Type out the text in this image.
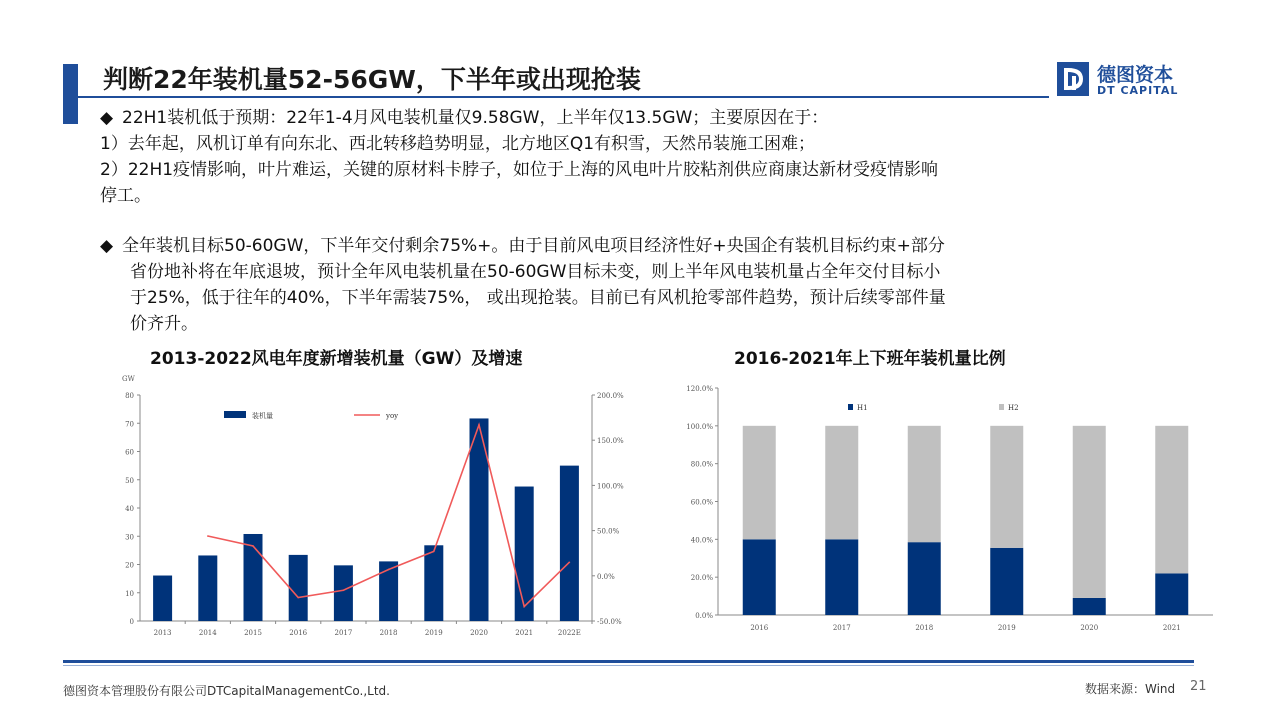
判断22年装机量52-56GW，下半年或出现抢装	德图资本
DT CAPITAL
◆ 22H1装机低于预期：22年1-4月风电装机量仅9.58GW，上半年仅13.5GW；主要原因在于：
1）去年起，风机订单有向东北、西北转移趋势明显，北方地区Q1有积雪，天然吊装施工困难；
2）22H1疫情影响，叶片难运，关键的原材料卡脖子，如位于上海的风电叶片胶粘剂供应商康达新材受疫情影响
停工。
◆ 全年装机目标50-60GW，下半年交付剩余75%+。由于目前风电项目经济性好+央国企有装机目标约束+部分
省份地补将在年底退坡，预计全年风电装机量在50-60GW目标未变，则上半年风电装机量占全年交付目标小
于25%，低于往年的40%，下半年需装75%， 或出现抢装。目前已有风机抢零部件趋势，预计后续零部件量
价齐升。
2013-2022风电年度新增装机量（GW）及增速	2016-2021年上下班年装机量比例
GW
0
10
20
30
40
50
60
70
80
-50.0%
0.0%
50.0%
100.0%
150.0%
200.0%
2013	2014	2015	2016	2017	2018	2019	2020	2021	2022E
装机量	yoy
0.0%
20.0%
40.0%
60.0%
80.0%
100.0%
120.0%
2016	2017	2018	2019	2020	2021
H1	H2
德图资本管理股份有限公司DTCapitalManagementCo.,Ltd.	数据来源：Wind 21
